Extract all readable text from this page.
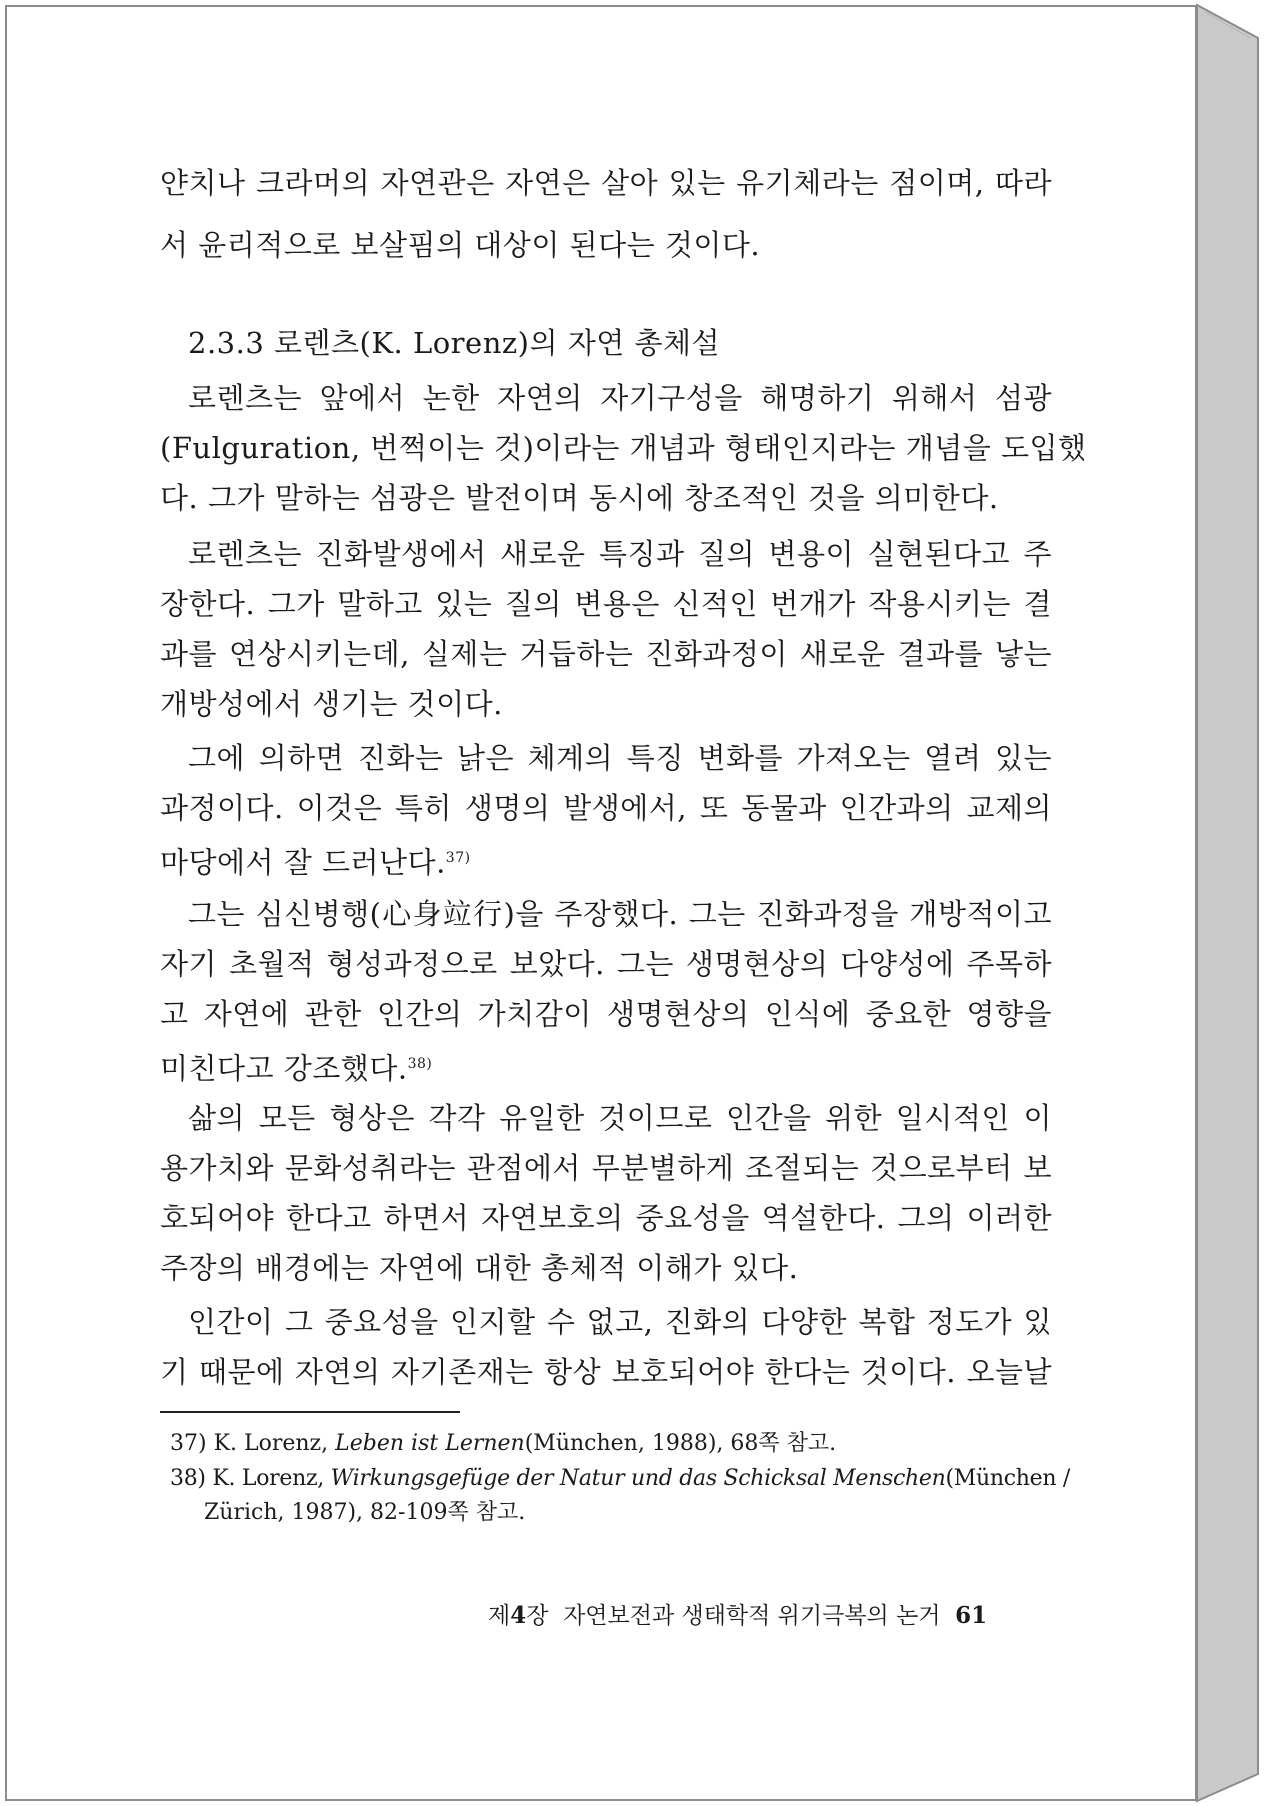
얀치나 크라머의 자연관은 자연은 살아 있는 유기체라는 점이며, 따라
서 윤리적으로 보살핌의 대상이 된다는 것이다.
2.3.3 로렌츠(K. Lorenz)의 자연 총체설
로렌츠는 앞에서 논한 자연의 자기구성을 해명하기 위해서 섬광
(Fulguration, 번쩍이는 것)이라는 개념과 형태인지라는 개념을 도입했
다. 그가 말하는 섬광은 발전이며 동시에 창조적인 것을 의미한다.
로렌츠는 진화발생에서 새로운 특징과 질의 변용이 실현된다고 주
장한다. 그가 말하고 있는 질의 변용은 신적인 번개가 작용시키는 결
과를 연상시키는데, 실제는 거듭하는 진화과정이 새로운 결과를 낳는
개방성에서 생기는 것이다.
그에 의하면 진화는 낡은 체계의 특징 변화를 가져오는 열려 있는
과정이다. 이것은 특히 생명의 발생에서, 또 동물과 인간과의 교제의
마당에서 잘 드러난다.$^{37)}$
그는 심신병행(心身竝行)을 주장했다. 그는 진화과정을 개방적이고
자기 초월적 형성과정으로 보았다. 그는 생명현상의 다양성에 주목하
고 자연에 관한 인간의 가치감이 생명현상의 인식에 중요한 영향을
미친다고 강조했다.$^{38)}$
삶의 모든 형상은 각각 유일한 것이므로 인간을 위한 일시적인 이
용가치와 문화성취라는 관점에서 무분별하게 조절되는 것으로부터 보
호되어야 한다고 하면서 자연보호의 중요성을 역설한다. 그의 이러한
주장의 배경에는 자연에 대한 총체적 이해가 있다.
인간이 그 중요성을 인지할 수 없고, 진화의 다양한 복합 정도가 있
기 때문에 자연의 자기존재는 항상 보호되어야 한다는 것이다. 오늘날
37) K. Lorenz, Leben ist Lernen(München, 1988), 68쪽 참고.
38) K. Lorenz, Wirkungsgefüge der Natur und das Schicksal Menschen(München /
Zürich, 1987), 82-109쪽 참고.
제4장 자연보전과 생태학적 위기극복의 논거 61
